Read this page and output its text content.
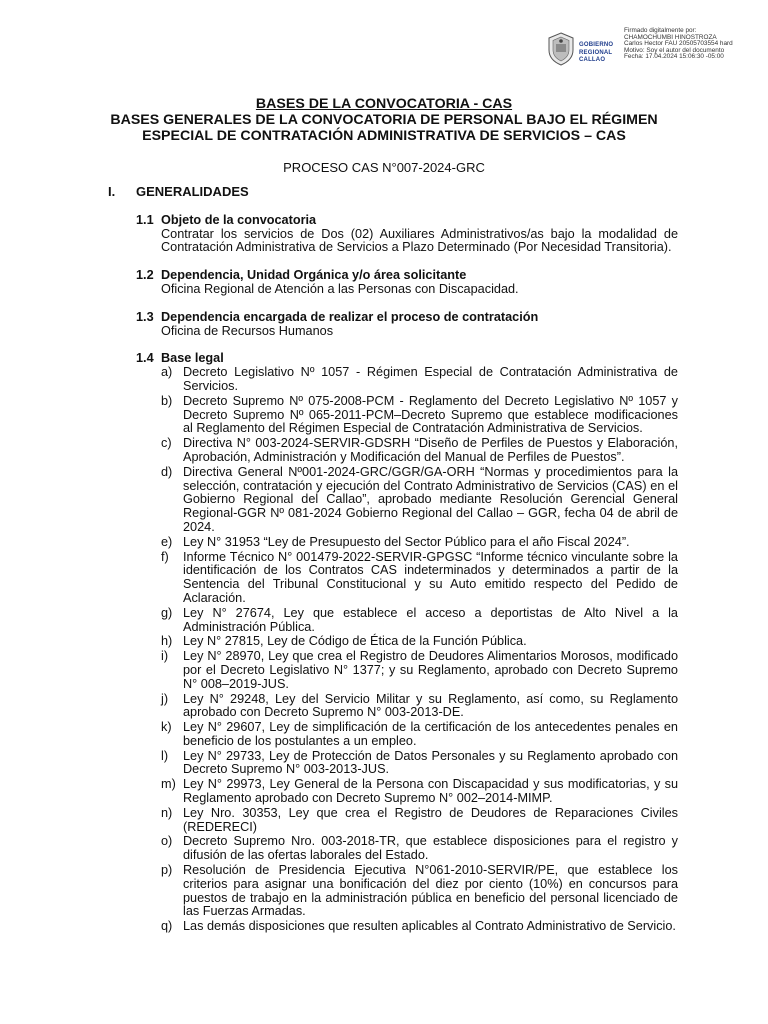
GOBIERNO
REGIONAL
CALLAO
Firmado digitalmente por:
CHAMOCHUMBI HINOSTROZA
Carlos Hector FAU 20505703554 hard
Motivo: Soy el autor del documento
Fecha: 17.04.2024 15:06:30 -05:00

BASES DE LA CONVOCATORIA - CAS

BASES GENERALES DE LA CONVOCATORIA DE PERSONAL BAJO EL RÉGIMEN

ESPECIAL DE CONTRATACIÓN ADMINISTRATIVA DE SERVICIOS – CAS

PROCESO CAS N°007-2024-GRC
I.	GENERALIDADES
1.1 Objeto de la convocatoria
Contratar los servicios de Dos (02) Auxiliares Administrativos/as bajo la modalidad de Contratación Administrativa de Servicios a Plazo Determinado (Por Necesidad Transitoria).
1.2 Dependencia, Unidad Orgánica y/o área solicitante
Oficina Regional de Atención a las Personas con Discapacidad.
1.3 Dependencia encargada de realizar el proceso de contratación
Oficina de Recursos Humanos
1.4 Base legal
a) Decreto Legislativo Nº 1057 - Régimen Especial de Contratación Administrativa de Servicios.
b) Decreto Supremo Nº 075-2008-PCM - Reglamento del Decreto Legislativo Nº 1057 y Decreto Supremo Nº 065-2011-PCM–Decreto Supremo que establece modificaciones al Reglamento del Régimen Especial de Contratación Administrativa de Servicios.
c) Directiva N° 003-2024-SERVIR-GDSRH “Diseño de Perfiles de Puestos y Elaboración, Aprobación, Administración y Modificación del Manual de Perfiles de Puestos”.
d) Directiva General Nº001-2024-GRC/GGR/GA-ORH “Normas y procedimientos para la selección, contratación y ejecución del Contrato Administrativo de Servicios (CAS) en el Gobierno Regional del Callao”, aprobado mediante Resolución Gerencial General Regional-GGR Nº 081-2024 Gobierno Regional del Callao – GGR, fecha 04 de abril de 2024.
e) Ley N° 31953 “Ley de Presupuesto del Sector Público para el año Fiscal 2024”.
f)	Informe Técnico N° 001479-2022-SERVIR-GPGSC “Informe técnico vinculante sobre la identificación de los Contratos CAS indeterminados y determinados a partir de la Sentencia del Tribunal Constitucional y su Auto emitido respecto del Pedido de Aclaración.
g) Ley N° 27674, Ley que establece el acceso a deportistas de Alto Nivel a la Administración Pública.
h) Ley N° 27815, Ley de Código de Ética de la Función Pública.
i)	Ley N° 28970, Ley que crea el Registro de Deudores Alimentarios Morosos, modificado por el Decreto Legislativo N° 1377; y su Reglamento, aprobado con Decreto Supremo N° 008–2019-JUS.
j)	Ley N° 29248, Ley del Servicio Militar y su Reglamento, así como, su Reglamento aprobado con Decreto Supremo N° 003-2013-DE.
k) Ley N° 29607, Ley de simplificación de la certificación de los antecedentes penales en beneficio de los postulantes a un empleo.
l)	Ley N° 29733, Ley de Protección de Datos Personales y su Reglamento aprobado con Decreto Supremo N° 003-2013-JUS.
m) Ley N° 29973, Ley General de la Persona con Discapacidad y sus modificatorias, y su Reglamento aprobado con Decreto Supremo N° 002–2014-MIMP.
n) Ley Nro. 30353, Ley que crea el Registro de Deudores de Reparaciones Civiles (REDERECI)
o) Decreto Supremo Nro. 003-2018-TR, que establece disposiciones para el registro y difusión de las ofertas laborales del Estado.
p) Resolución de Presidencia Ejecutiva N°061-2010-SERVIR/PE, que establece los criterios para asignar una bonificación del diez por ciento (10%) en concursos para puestos de trabajo en la administración pública en beneficio del personal licenciado de las Fuerzas Armadas.
q) Las demás disposiciones que resulten aplicables al Contrato Administrativo de Servicio.
